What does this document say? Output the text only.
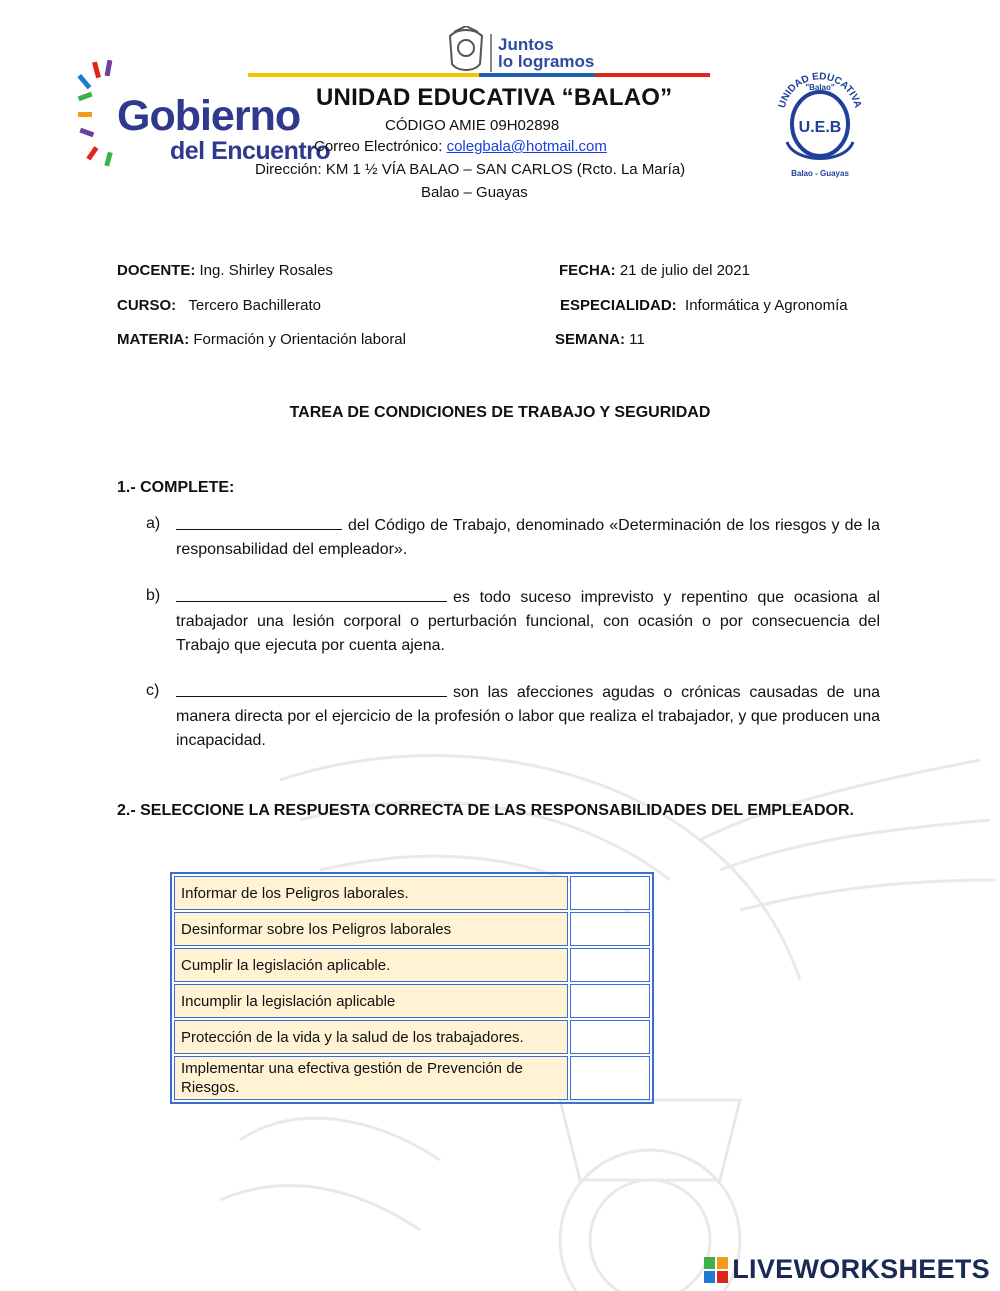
Gobierno
del Encuentro
Juntos
lo logramos
UNIDAD EDUCATIVA “BALAO”
CÓDIGO AMIE 09H02898
Correo Electrónico: colegbala@hotmail.com
Dirección: KM 1 ½ VÍA BALAO – SAN CARLOS (Rcto. La María)
Balao – Guayas
UNIDAD EDUCATIVA
"Balao"
U.E.B
Balao - Guayas
DOCENTE: Ing. Shirley Rosales	FECHA: 21 de julio del 2021
CURSO: Tercero Bachillerato	ESPECIALIDAD: Informática y Agronomía
MATERIA: Formación y Orientación laboral	SEMANA: 11
TAREA DE CONDICIONES DE TRABAJO Y SEGURIDAD
1.- COMPLETE:
a)	del Código de Trabajo, denominado «Determinación de los riesgos y de la responsabilidad del empleador».
b)	es todo suceso imprevisto y repentino que ocasiona al trabajador una lesión corporal o perturbación funcional, con ocasión o por consecuencia del Trabajo que ejecuta por cuenta ajena.
c)	son las afecciones agudas o crónicas causadas de una manera directa por el ejercicio de la profesión o labor que realiza el trabajador, y que producen una incapacidad.
2.- SELECCIONE LA RESPUESTA CORRECTA DE LAS RESPONSABILIDADES DEL EMPLEADOR.
Informar de los Peligros laborales.	
Desinformar sobre los Peligros laborales	
Cumplir la legislación aplicable.	
Incumplir la legislación aplicable	
Protección de la vida y la salud de los trabajadores.	
Implementar una efectiva gestión de Prevención de Riesgos.	
LIVEWORKSHEETS
